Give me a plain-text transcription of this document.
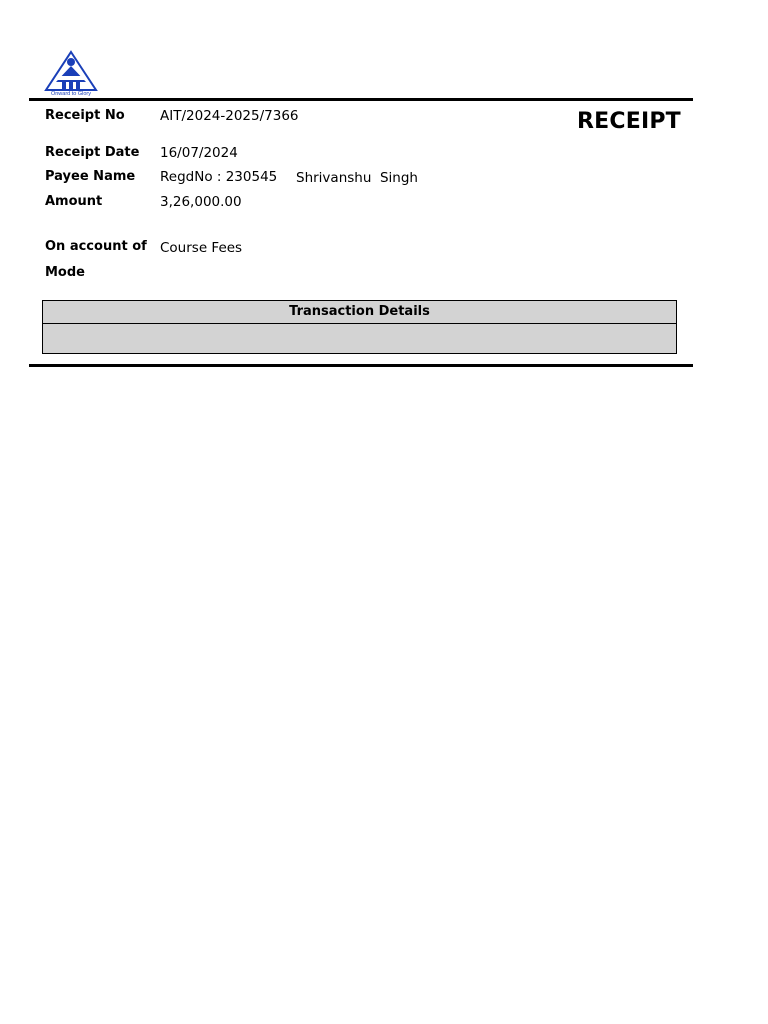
Onward to Glory
RECEIPT
Receipt No	AIT/2024-2025/7366
Receipt Date 16/07/2024
Payee Name RegdNo : 230545 Shrivanshu  Singh
Amount	3,26,000.00
On account of Course Fees
Mode
Transaction Details
